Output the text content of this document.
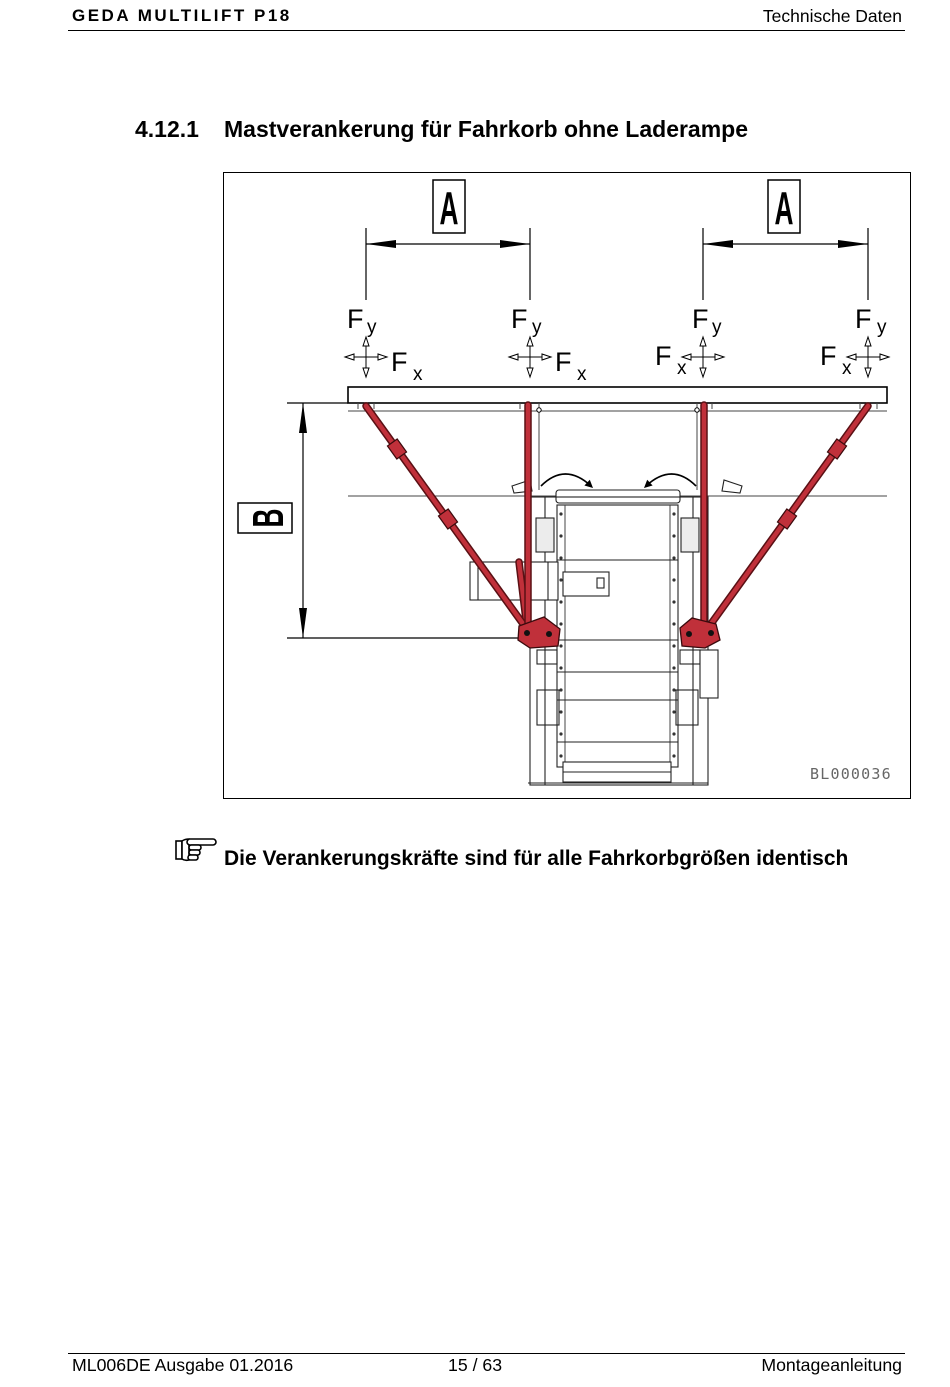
GEDA MULTILIFT P18	Technische Daten
4.12.1 Mastverankerung für Fahrkorb ohne Laderampe
A	A
F y
F x
F y
F x
F y
F x
F y
F x
B
BL000036
Die Verankerungskräfte sind für alle Fahrkorbgrößen identisch
ML006DE Ausgabe 01.2016	15 / 63	Montageanleitung
